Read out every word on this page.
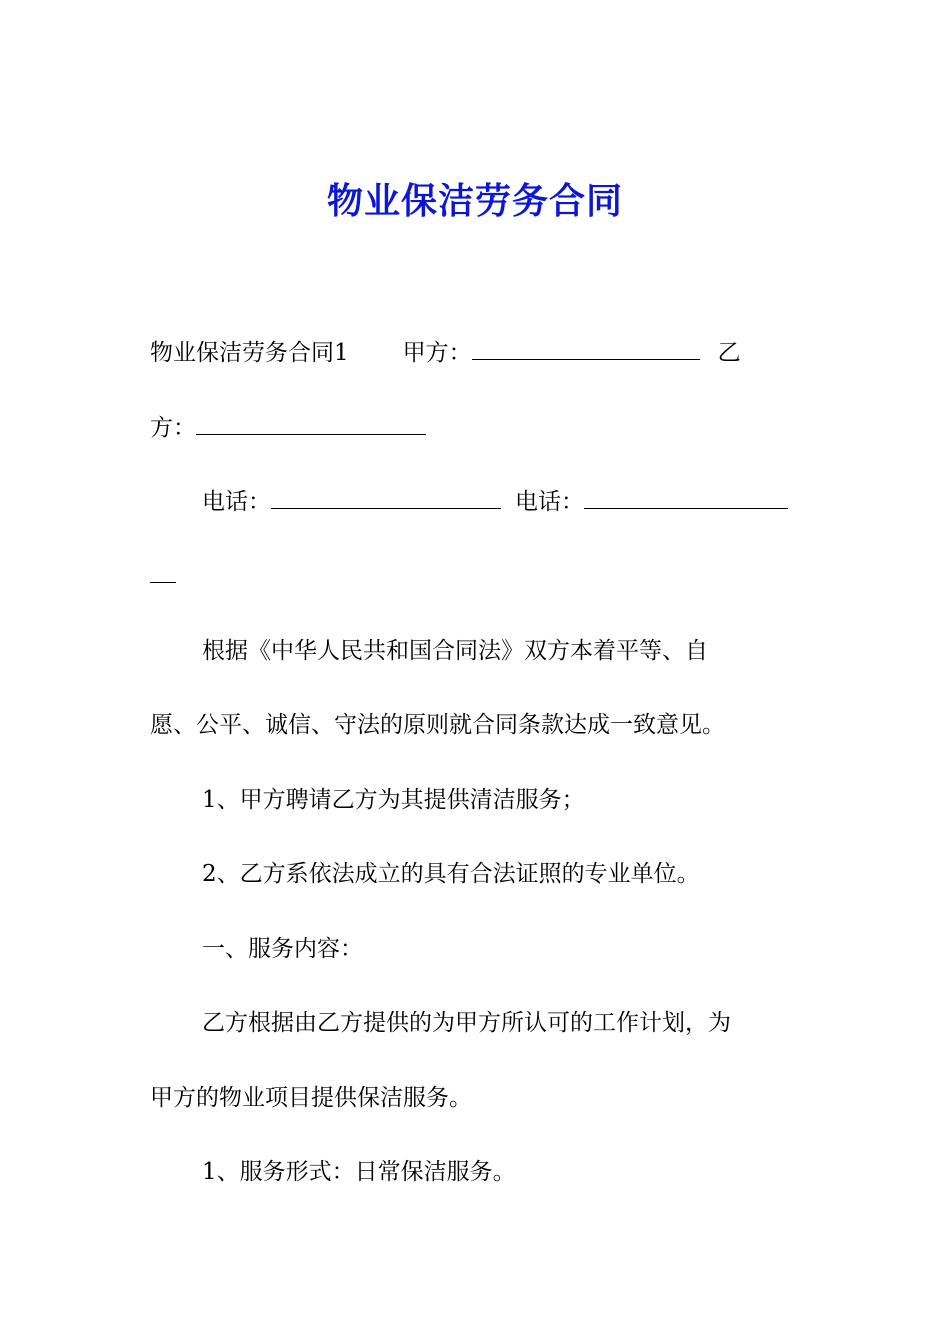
物业保洁劳务合同
物业保洁劳务合同1 甲方：	乙
方：
电话：	电话：
根据《中华人民共和国合同法》双方本着平等、自
愿、公平、诚信、守法的原则就合同条款达成一致意见。
1、甲方聘请乙方为其提供清洁服务；
2、乙方系依法成立的具有合法证照的专业单位。
一、服务内容：
乙方根据由乙方提供的为甲方所认可的工作计划，为
甲方的物业项目提供保洁服务。
1、服务形式：日常保洁服务。
